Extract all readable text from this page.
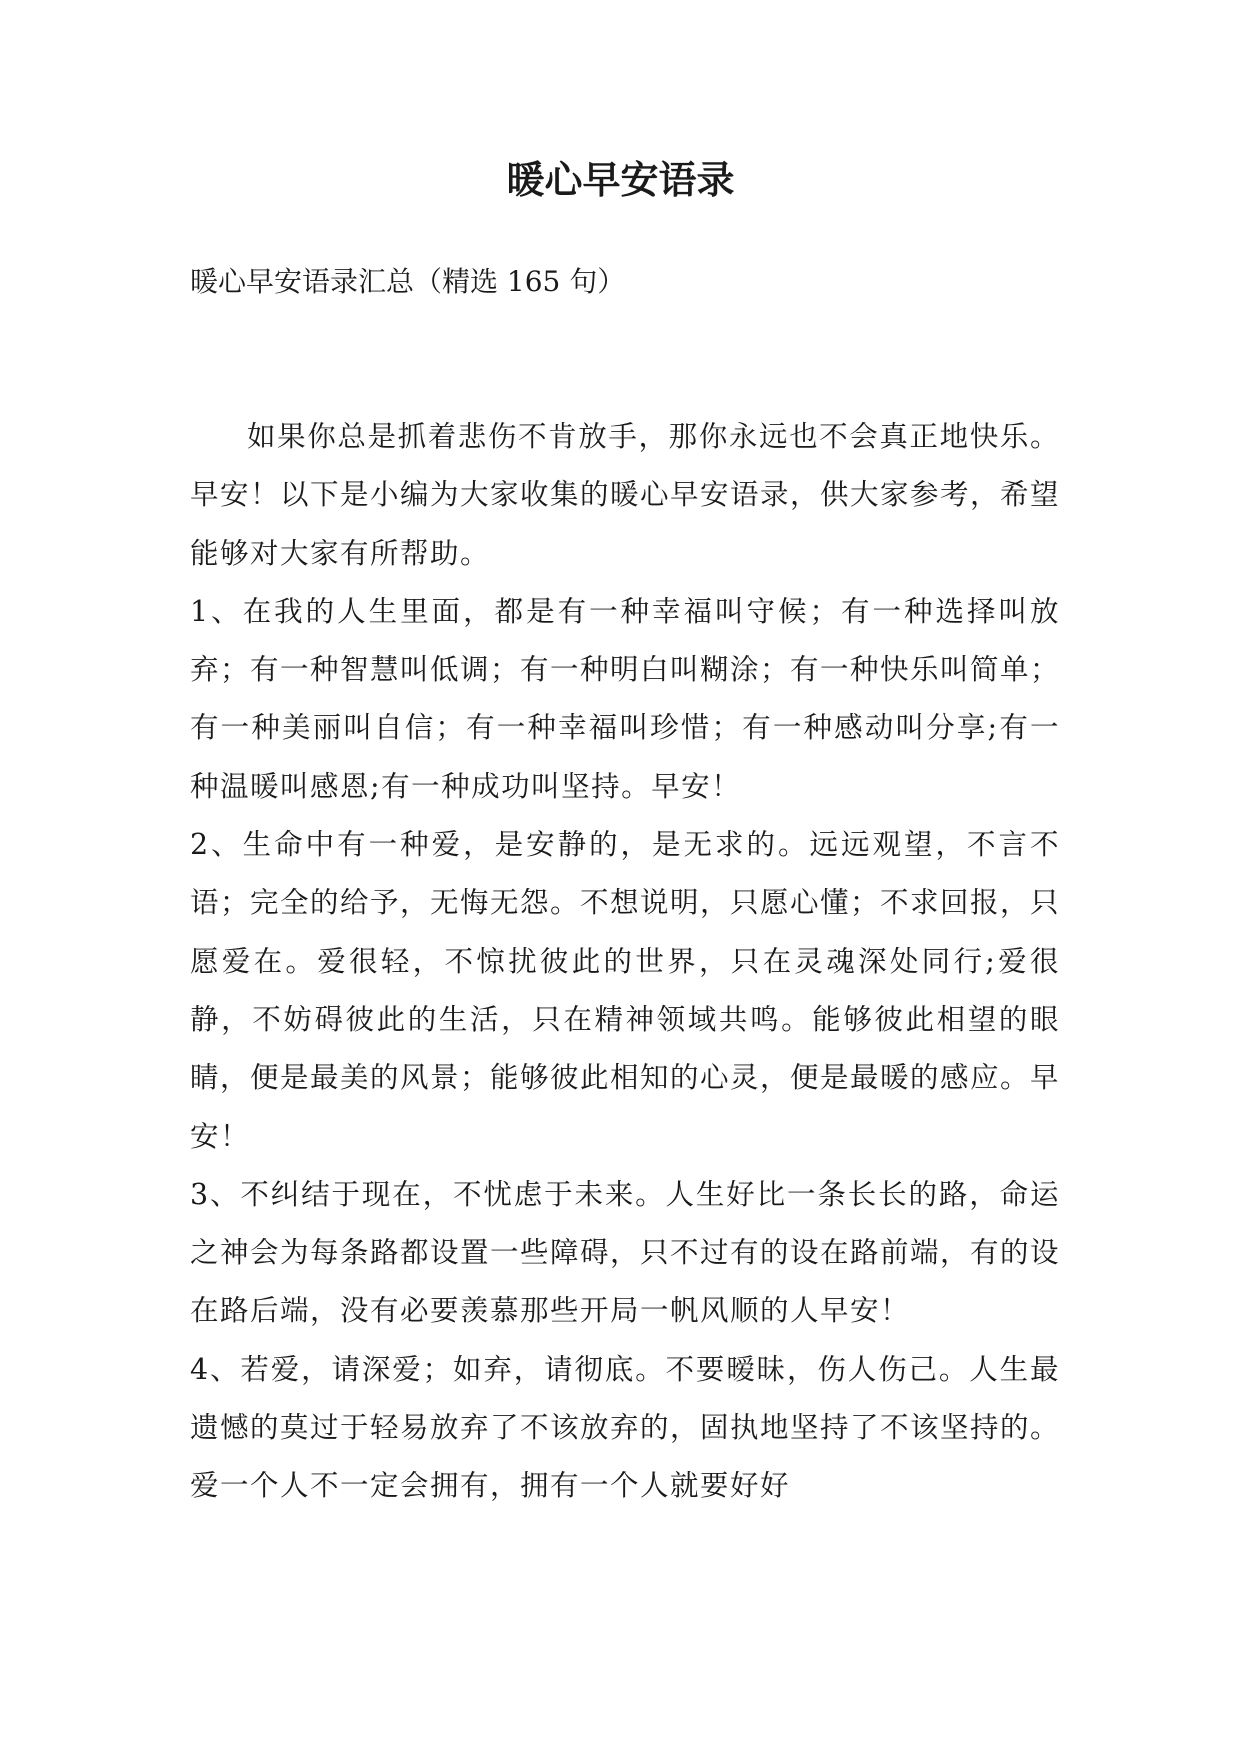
暖心早安语录

暖心早安语录汇总（精选 165 句）

如果你总是抓着悲伤不肯放手，那你永远也不会真正地快乐。早安！以下是小编为大家收集的暖心早安语录，供大家参考，希望能够对大家有所帮助。

1、在我的人生里面，都是有一种幸福叫守候；有一种选择叫放弃；有一种智慧叫低调；有一种明白叫糊涂；有一种快乐叫简单；有一种美丽叫自信；有一种幸福叫珍惜；有一种感动叫分享;有一种温暖叫感恩;有一种成功叫坚持。早安！

2、生命中有一种爱，是安静的，是无求的。远远观望，不言不语；完全的给予，无悔无怨。不想说明，只愿心懂；不求回报，只愿爱在。爱很轻，不惊扰彼此的世界，只在灵魂深处同行;爱很静，不妨碍彼此的生活，只在精神领域共鸣。能够彼此相望的眼睛，便是最美的风景；能够彼此相知的心灵，便是最暖的感应。早安！

3、不纠结于现在，不忧虑于未来。人生好比一条长长的路，命运之神会为每条路都设置一些障碍，只不过有的设在路前端，有的设在路后端，没有必要羡慕那些开局一帆风顺的人早安！

4、若爱，请深爱；如弃，请彻底。不要暧昧，伤人伤己。人生最遗憾的莫过于轻易放弃了不该放弃的，固执地坚持了不该坚持的。爱一个人不一定会拥有，拥有一个人就要好好
